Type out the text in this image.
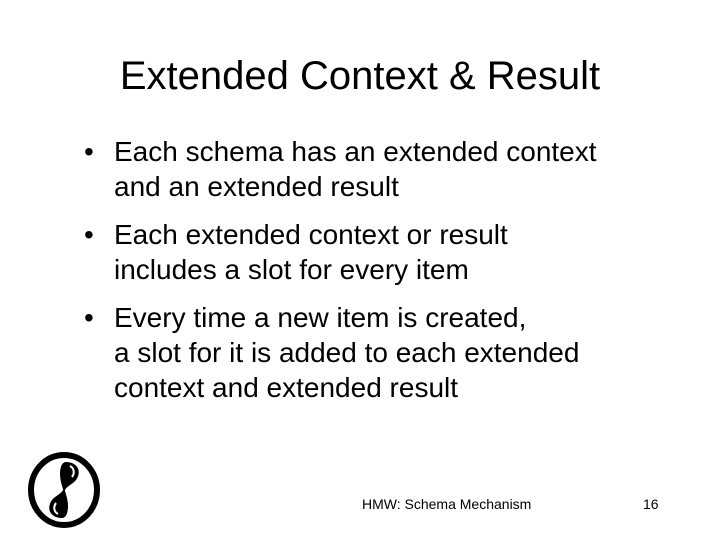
Extended Context & Result
• Each schema has an extended context
and an extended result
• Each extended context or result
includes a slot for every item
• Every time a new item is created,
a slot for it is added to each extended
context and extended result
HMW: Schema Mechanism	16
